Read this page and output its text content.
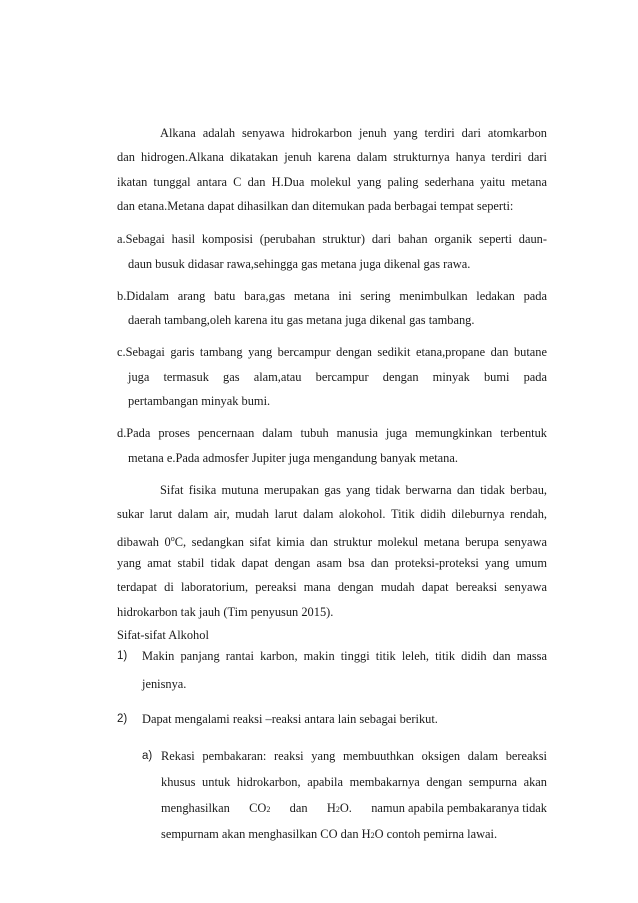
Alkana adalah senyawa hidrokarbon jenuh yang terdiri dari atomkarbon
dan hidrogen.Alkana dikatakan jenuh karena dalam strukturnya hanya terdiri dari
ikatan tunggal antara C dan H.Dua molekul yang paling sederhana yaitu metana
dan etana.Metana dapat dihasilkan dan ditemukan pada berbagai tempat seperti:
a.Sebagai hasil komposisi (perubahan struktur) dari bahan organik seperti daun-
daun busuk didasar rawa,sehingga gas metana juga dikenal gas rawa.
b.Didalam arang batu bara,gas metana ini sering menimbulkan ledakan pada
daerah tambang,oleh karena itu gas metana juga dikenal gas tambang.
c.Sebagai garis tambang yang bercampur dengan sedikit etana,propane dan butane
juga termasuk gas alam,atau bercampur dengan minyak bumi pada
pertambangan minyak bumi.
d.Pada proses pencernaan dalam tubuh manusia juga memungkinkan terbentuk
metana e.Pada admosfer Jupiter juga mengandung banyak metana.
Sifat fisika mutuna merupakan gas yang tidak berwarna dan tidak berbau,
sukar larut dalam air, mudah larut dalam alokohol. Titik didih dileburnya rendah,
dibawah 0$^o$C, sedangkan sifat kimia dan struktur molekul metana berupa senyawa
yang amat stabil tidak dapat dengan asam bsa dan proteksi-proteksi yang umum
terdapat di laboratorium, pereaksi mana dengan mudah dapat bereaksi senyawa
hidrokarbon tak jauh (Tim penyusun 2015).
Sifat-sifat Alkohol
1) Makin panjang rantai karbon, makin tinggi titik leleh, titik didih dan massa
jenisnya.
2) Dapat mengalami reaksi –reaksi antara lain sebagai berikut.
a) Rekasi pembakaran: reaksi yang membuuthkan oksigen dalam bereaksi
khusus untuk hidrokarbon, apabila membakarnya dengan sempurna akan
menghasilkan CO2 dan H2O. namun apabila pembakaranya tidak
sempurnam akan menghasilkan CO dan H2O contoh pemirna lawai.
